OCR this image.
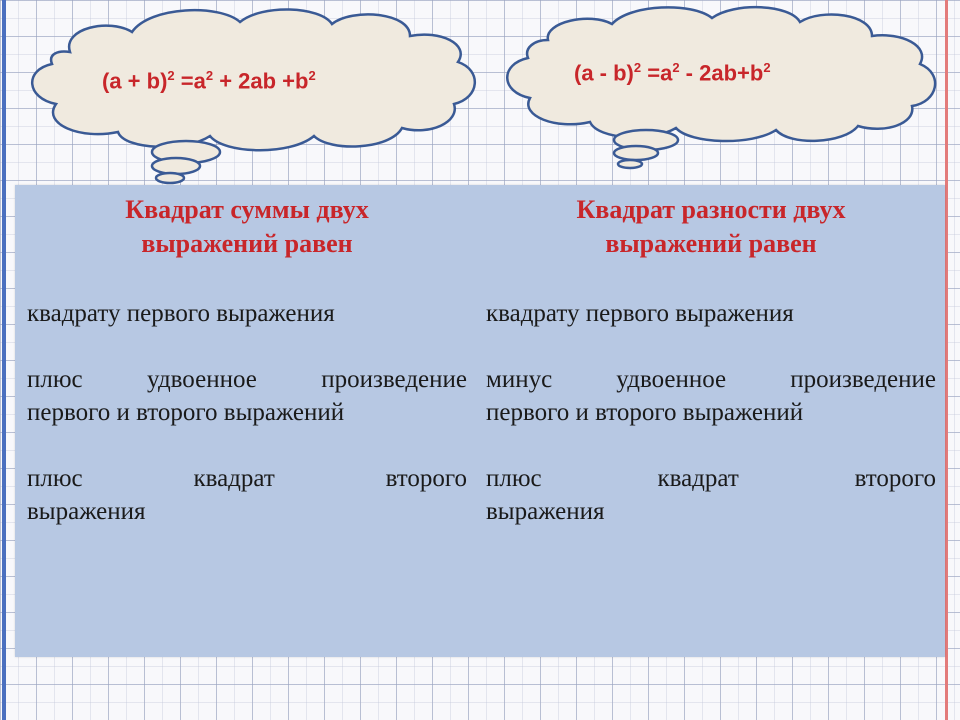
$(a + b)^2 =a^2 + 2ab +b^2$	$(a - b)^2 =a^2 - 2ab+b^2$
Квадрат суммы двух
выражений равен

квадрату первого выражения

плюс удвоенное произведение
первого и второго выражений

плюс квадрат второго
выражения

Квадрат разности двух
выражений равен

квадрату первого выражения

минус удвоенное произведение
первого и второго выражений

плюс квадрат второго
выражения
